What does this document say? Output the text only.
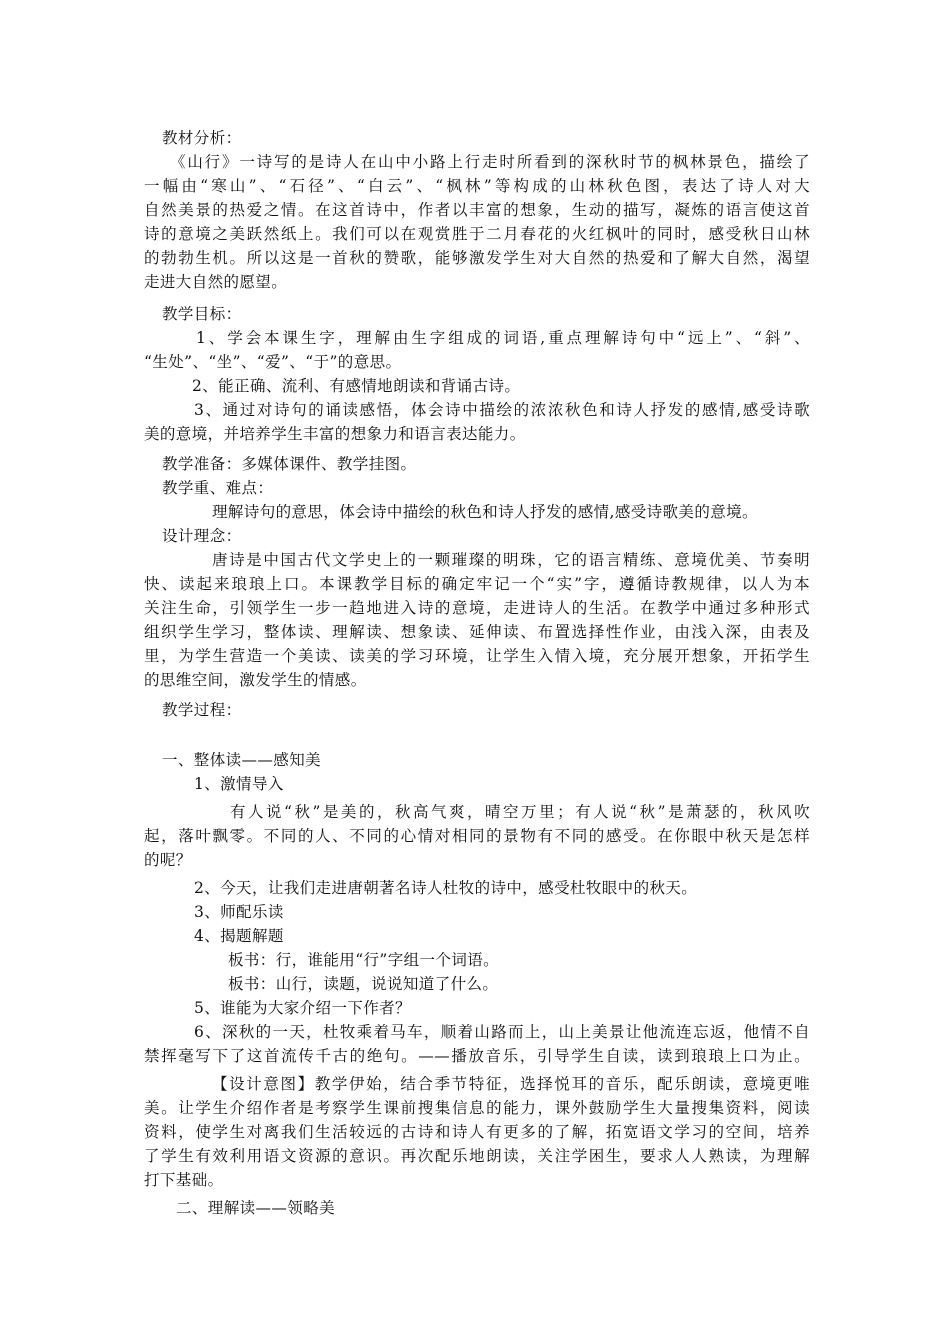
教材分析：
《山行》一诗写的是诗人在山中小路上行走时所看到的深秋时节的枫林景色，描绘了
一幅由“寒山”、“石径”、“白云”、“枫林”等构成的山林秋色图，表达了诗人对大
自然美景的热爱之情。在这首诗中，作者以丰富的想象，生动的描写，凝炼的语言使这首
诗的意境之美跃然纸上。我们可以在观赏胜于二月春花的火红枫叶的同时，感受秋日山林
的勃勃生机。所以这是一首秋的赞歌，能够激发学生对大自然的热爱和了解大自然，渴望
走进大自然的愿望。
教学目标：
1、学会本课生字，理解由生字组成的词语,重点理解诗句中“远上”、“斜”、
“生处”、“坐”、“爱”、“于”的意思。
2、能正确、流利、有感情地朗读和背诵古诗。
3、通过对诗句的诵读感悟，体会诗中描绘的浓浓秋色和诗人抒发的感情,感受诗歌
美的意境，并培养学生丰富的想象力和语言表达能力。
教学准备：多媒体课件、教学挂图。
教学重、难点：
理解诗句的意思，体会诗中描绘的秋色和诗人抒发的感情,感受诗歌美的意境。
设计理念：
唐诗是中国古代文学史上的一颗璀璨的明珠，它的语言精练、意境优美、节奏明
快、读起来琅琅上口。本课教学目标的确定牢记一个“实”字，遵循诗教规律，以人为本
关注生命，引领学生一步一趋地进入诗的意境，走进诗人的生活。在教学中通过多种形式
组织学生学习，整体读、理解读、想象读、延伸读、布置选择性作业，由浅入深，由表及
里，为学生营造一个美读、读美的学习环境，让学生入情入境，充分展开想象，开拓学生
的思维空间，激发学生的情感。
教学过程：
一、整体读——感知美
1、激情导入
有人说“秋”是美的，秋高气爽，晴空万里；有人说“秋”是萧瑟的，秋风吹
起，落叶飘零。不同的人、不同的心情对相同的景物有不同的感受。在你眼中秋天是怎样
的呢？
2、今天，让我们走进唐朝著名诗人杜牧的诗中，感受杜牧眼中的秋天。
3、师配乐读
4、揭题解题
板书：行，谁能用“行”字组一个词语。
板书：山行，读题，说说知道了什么。
5、谁能为大家介绍一下作者？
6、深秋的一天，杜牧乘着马车，顺着山路而上，山上美景让他流连忘返，他情不自
禁挥毫写下了这首流传千古的绝句。——播放音乐，引导学生自读，读到琅琅上口为止。
【设计意图】教学伊始，结合季节特征，选择悦耳的音乐，配乐朗读，意境更唯
美。让学生介绍作者是考察学生课前搜集信息的能力，课外鼓励学生大量搜集资料，阅读
资料，使学生对离我们生活较远的古诗和诗人有更多的了解，拓宽语文学习的空间，培养
了学生有效利用语文资源的意识。再次配乐地朗读，关注学困生，要求人人熟读，为理解
打下基础。
二、理解读——领略美
